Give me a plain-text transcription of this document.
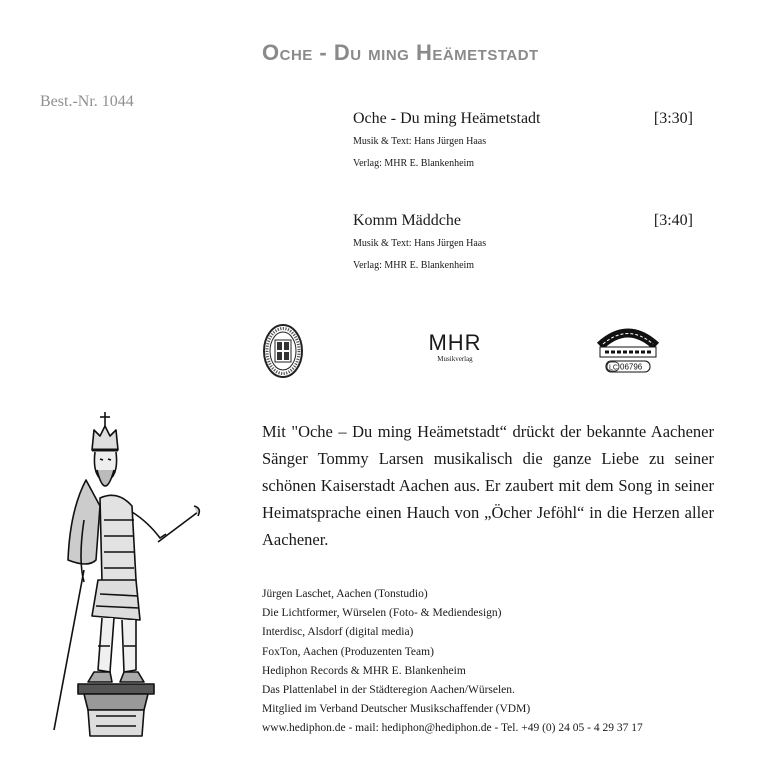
Oche - Du ming Heämetstadt
Best.-Nr. 1044
Oche - Du ming Heämetstadt	[3:30]
Musik & Text: Hans Jürgen Haas
Verlag: MHR E. Blankenheim
Komm Mäddche	[3:40]
Musik & Text: Hans Jürgen Haas
Verlag: MHR E. Blankenheim
MHR
Musikverlag
LC 06796
Mit "Oche – Du ming Heämetstadt“ drückt der bekannte Aachener Sänger Tommy Larsen musikalisch die ganze Liebe zu seiner schönen Kaiserstadt Aachen aus. Er zaubert mit dem Song in seiner Heimatsprache einen Hauch von „Öcher Jeföhl“ in die Herzen aller Aachener.
Jürgen Laschet, Aachen (Tonstudio)
Die Lichtformer, Würselen (Foto- & Mediendesign)
Interdisc, Alsdorf (digital media)
FoxTon, Aachen (Produzenten Team)
Hediphon Records & MHR E. Blankenheim
Das Plattenlabel in der Städteregion Aachen/Würselen.
Mitglied im Verband Deutscher Musikschaffender (VDM)
www.hediphon.de - mail: hediphon@hediphon.de - Tel. +49 (0) 24 05 - 4 29 37 17
